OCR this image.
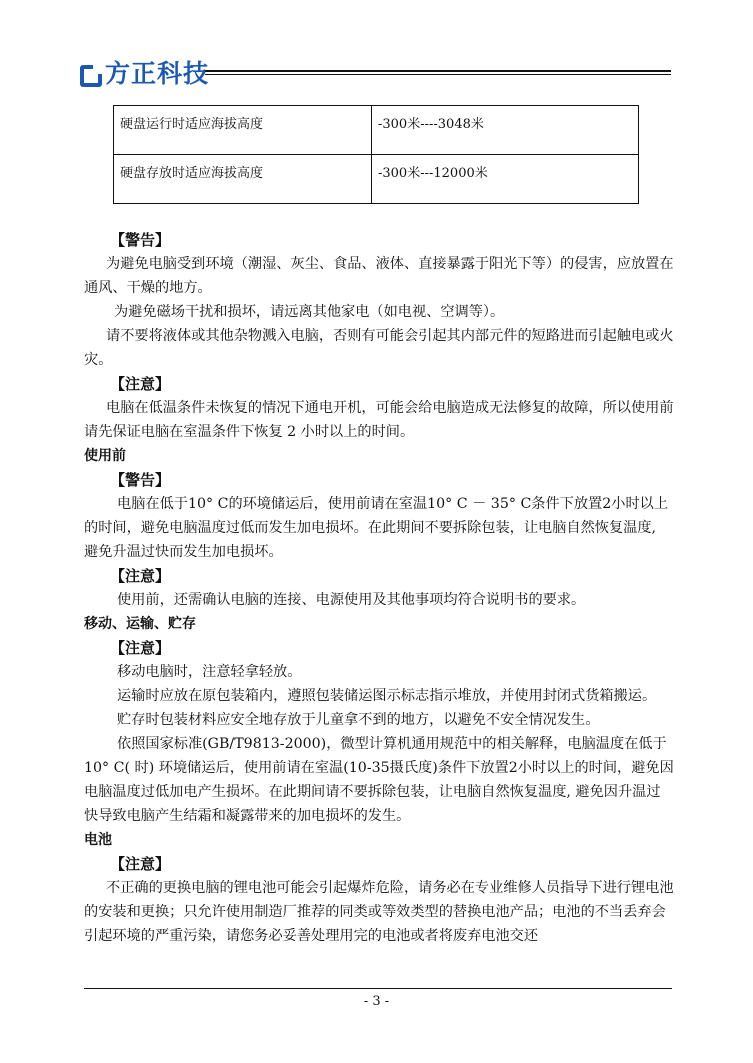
方正科技
硬盘运行时适应海拔高度	-300米----3048米
硬盘存放时适应海拔高度	-300米---12000米

【警告】

为避免电脑受到环境（潮湿、灰尘、食品、液体、直接暴露于阳光下等）的侵害，应放置在通风、干燥的地方。

为避免磁场干扰和损坏，请远离其他家电（如电视、空调等）。

请不要将液体或其他杂物溅入电脑，否则有可能会引起其内部元件的短路进而引起触电或火灾。

【注意】

电脑在低温条件未恢复的情况下通电开机，可能会给电脑造成无法修复的故障，所以使用前请先保证电脑在室温条件下恢复 2 小时以上的时间。

使用前

【警告】

电脑在低于10° C的环境储运后，使用前请在室温10° C － 35° C条件下放置2小时以上的时间，避免电脑温度过低而发生加电损坏。在此期间不要拆除包装，让电脑自然恢复温度, 避免升温过快而发生加电损坏。

【注意】

使用前，还需确认电脑的连接、电源使用及其他事项均符合说明书的要求。

移动、运输、贮存

【注意】

移动电脑时，注意轻拿轻放。

运输时应放在原包装箱内，遵照包装储运图示标志指示堆放，并使用封闭式货箱搬运。

贮存时包装材料应安全地存放于儿童拿不到的地方，以避免不安全情况发生。

依照国家标准(GB/T9813-2000)，微型计算机通用规范中的相关解释，电脑温度在低于10° C( 时) 环境储运后，使用前请在室温(10-35摄氏度)条件下放置2小时以上的时间，避免因电脑温度过低加电产生损坏。在此期间请不要拆除包装，让电脑自然恢复温度, 避免因升温过快导致电脑产生结霜和凝露带来的加电损坏的发生。

电池

【注意】

不正确的更换电脑的锂电池可能会引起爆炸危险，请务必在专业维修人员指导下进行锂电池的安装和更换；只允许使用制造厂推荐的同类或等效类型的替换电池产品；电池的不当丢弃会引起环境的严重污染，请您务必妥善处理用完的电池或者将废弃电池交还

- 3 -
